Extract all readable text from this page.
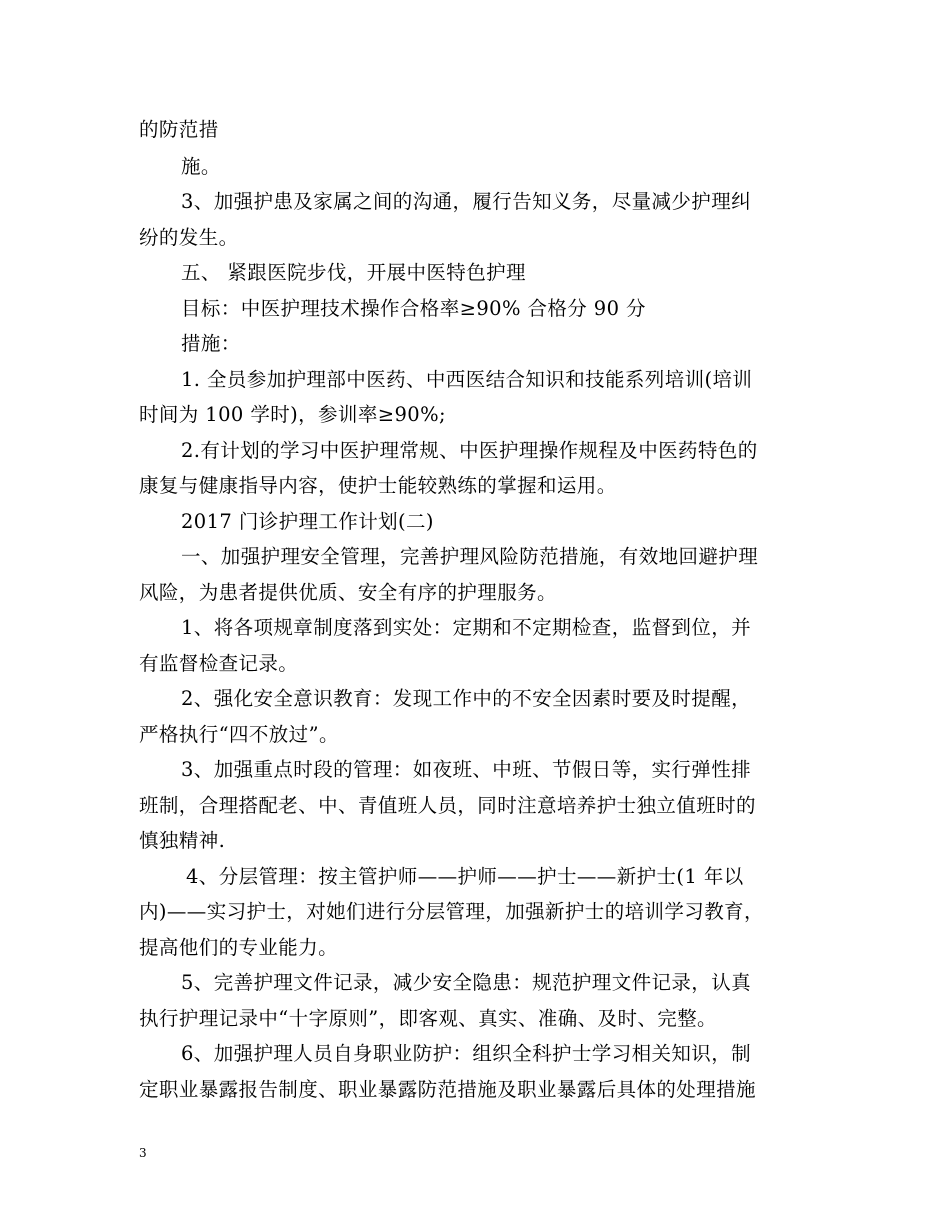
的防范措
施。
3、加强护患及家属之间的沟通，履行告知义务，尽量减少护理纠
纷的发生。
五、 紧跟医院步伐，开展中医特色护理
目标：中医护理技术操作合格率≥90% 合格分 90 分
措施：
1. 全员参加护理部中医药、中西医结合知识和技能系列培训(培训
时间为 100 学时)，参训率≥90%;
2.有计划的学习中医护理常规、中医护理操作规程及中医药特色的
康复与健康指导内容，使护士能较熟练的掌握和运用。
2017 门诊护理工作计划(二)
一、加强护理安全管理，完善护理风险防范措施，有效地回避护理
风险，为患者提供优质、安全有序的护理服务。
1、将各项规章制度落到实处：定期和不定期检查，监督到位，并
有监督检查记录。
2、强化安全意识教育：发现工作中的不安全因素时要及时提醒，
严格执行“四不放过”。
3、加强重点时段的管理：如夜班、中班、节假日等，实行弹性排
班制，合理搭配老、中、青值班人员，同时注意培养护士独立值班时的
慎独精神.
4、分层管理：按主管护师——护师——护士——新护士(1 年以
内)——实习护士，对她们进行分层管理，加强新护士的培训学习教育，
提高他们的专业能力。
5、完善护理文件记录，减少安全隐患：规范护理文件记录，认真
执行护理记录中“十字原则”，即客观、真实、准确、及时、完整。
6、加强护理人员自身职业防护：组织全科护士学习相关知识，制
定职业暴露报告制度、职业暴露防范措施及职业暴露后具体的处理措施
3
